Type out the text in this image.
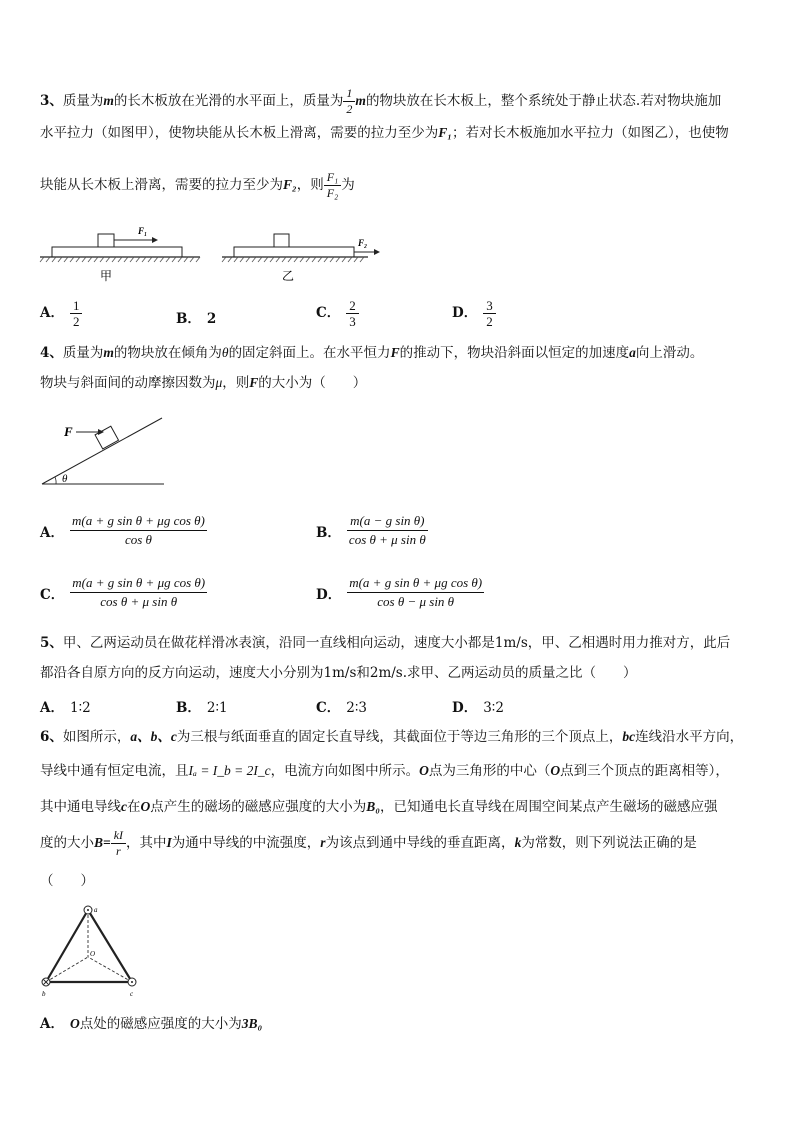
3、质量为m的长木板放在光滑的水平面上，质量为 $\frac{1}{2}$ m的物块放在长木板上，整个系统处于静止状态.若对物块施加
水平拉力（如图甲），使物块能从长木板上滑离，需要的拉力至少为F₁；若对长木板施加水平拉力（如图乙），也使物
块能从长木板上滑离，需要的拉力至少为F₂，则 $\frac{\text{F₁}}{\text{F₂}}$ 为
F₁
甲
F₂
乙
A． $\frac{1}{2}$	B． 2	C． $\frac{2}{3}$	D． $\frac{3}{2}$
4、质量为m的物块放在倾角为θ的固定斜面上。在水平恒力F的推动下，物块沿斜面以恒定的加速度a向上滑动。
物块与斜面间的动摩擦因数为μ，则F的大小为（　　）
F
θ
A． $\frac{\text{m(a + g sin θ + μg cos θ)}}{\text{cos θ}}$	B． $\frac{\text{m(a − g sin θ)}}{\text{cos θ + μ sin θ}}$
C． $\frac{\text{m(a + g sin θ + μg cos θ)}}{\text{cos θ + μ sin θ}}$	D． $\frac{\text{m(a + g sin θ + μg cos θ)}}{\text{cos θ − μ sin θ}}$
5、甲、乙两运动员在做花样滑冰表演，沿同一直线相向运动，速度大小都是1m/s，甲、乙相遇时用力推对方，此后
都沿各自原方向的反方向运动，速度大小分别为1m/s和2m/s.求甲、乙两运动员的质量之比（　　）
A． 1∶2	B． 2∶1	C． 2∶3	D． 3∶2
6、如图所示，a、b、c为三根与纸面垂直的固定长直导线，其截面位于等边三角形的三个顶点上，bc连线沿水平方向，
导线中通有恒定电流，且Iₐ = I_b = 2I_c，电流方向如图中所示。O点为三角形的中心（O点到三个顶点的距离相等），
其中通电导线c在O点产生的磁场的磁感应强度的大小为B₀，已知通电长直导线在周围空间某点产生磁场的磁感应强
度的大小$B= \frac{kI}{r}$ ，其中I为通中导线的中流强度，r为该点到通中导线的垂直距离，k为常数，则下列说法正确的是
（　　）
a
b	c
O
A． O点处的磁感应强度的大小为3B₀
